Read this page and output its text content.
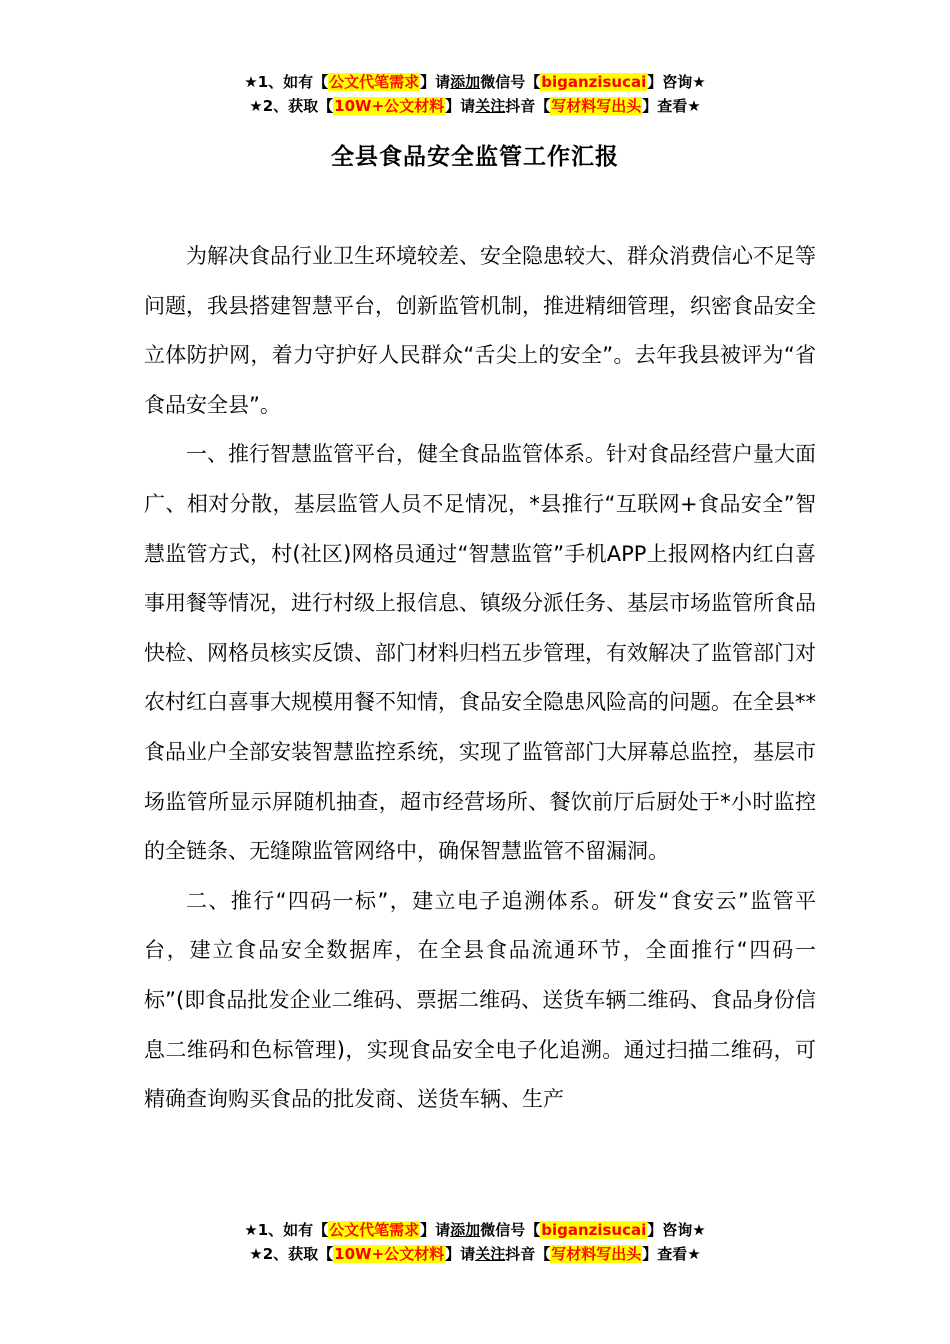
★1、如有【公文代笔需求】请添加微信号【biganzisucai】咨询★
★2、获取【10W+公文材料】请关注抖音【写材料写出头】查看★
全县食品安全监管工作汇报

为解决食品行业卫生环境较差、安全隐患较大、群众消费信心不足等问题，我县搭建智慧平台，创新监管机制，推进精细管理，织密食品安全立体防护网，着力守护好人民群众“舌尖上的安全”。去年我县被评为“省食品安全县”。

一、推行智慧监管平台，健全食品监管体系。针对食品经营户量大面广、相对分散，基层监管人员不足情况，*县推行“互联网+食品安全”智慧监管方式，村(社区)网格员通过“智慧监管”手机APP上报网格内红白喜事用餐等情况，进行村级上报信息、镇级分派任务、基层市场监管所食品快检、网格员核实反馈、部门材料归档五步管理，有效解决了监管部门对农村红白喜事大规模用餐不知情，食品安全隐患风险高的问题。在全县**食品业户全部安装智慧监控系统，实现了监管部门大屏幕总监控，基层市场监管所显示屏随机抽查，超市经营场所、餐饮前厅后厨处于*小时监控的全链条、无缝隙监管网络中，确保智慧监管不留漏洞。

二、推行“四码一标”，建立电子追溯体系。研发“食安云”监管平台，建立食品安全数据库，在全县食品流通环节，全面推行“四码一标”(即食品批发企业二维码、票据二维码、送货车辆二维码、食品身份信息二维码和色标管理)，实现食品安全电子化追溯。通过扫描二维码，可精确查询购买食品的批发商、送货车辆、生产

★1、如有【公文代笔需求】请添加微信号【biganzisucai】咨询★
★2、获取【10W+公文材料】请关注抖音【写材料写出头】查看★
